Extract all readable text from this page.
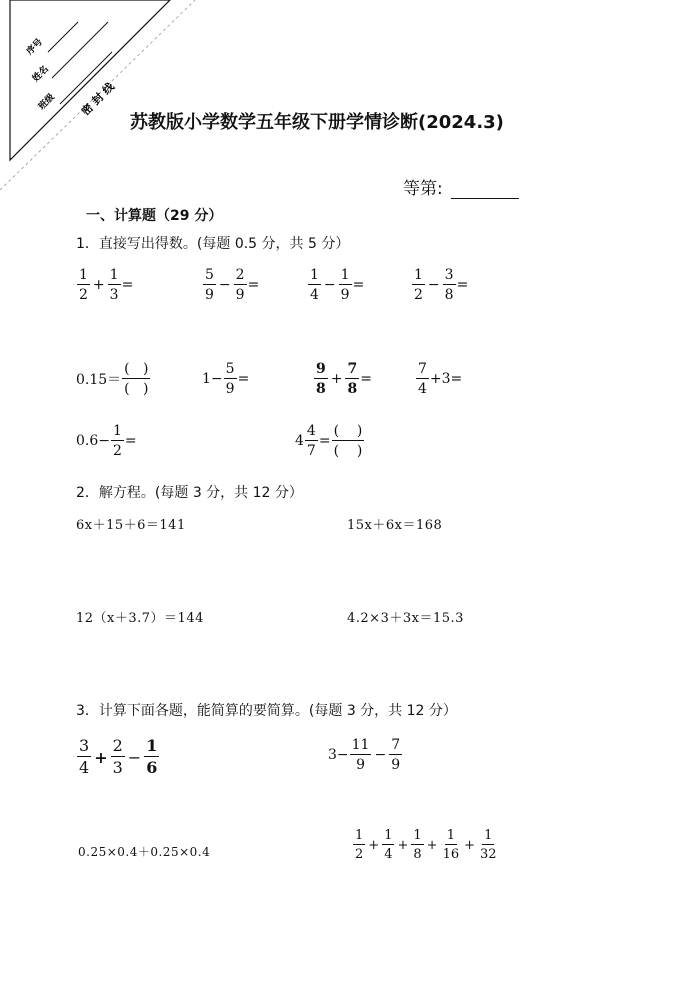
序号
姓名
班级 密 封 线
苏教版小学数学五年级下册学情诊断(2024.3)
等第:
一、计算题（29 分）
1．直接写出得数。(每题 0.5 分，共 5 分）
$\frac{1}{2} + \frac{1}{3}$ =	$\frac{5}{9} - \frac{2}{9}$ =	$\frac{1}{4} - \frac{1}{9}$ =	$\frac{1}{2} - \frac{3}{8}$ =
$0.15= \frac{( )}{( )}$	$1- \frac{5}{9}$ =	$\frac{9}{8} + \frac{7}{8}$ =	$\frac{7}{4} +3=$
$0.6- \frac{1}{2}$ =	$4 \frac{4}{7} = \frac{( )}{( )}$
2．解方程。(每题 3 分，共 12 分）
6x＋15＋6＝141	15x＋6x＝168
12（x＋3.7）＝144	4.2×3＋3x＝15.3
3．计算下面各题，能简算的要简算。(每题 3 分，共 12 分）
$\frac{3}{4} + \frac{2}{3} - \frac{1}{6}$	$3- \frac{11}{9} - \frac{7}{9}$
0.25×0.4＋0.25×0.4	$\frac{1}{2} + \frac{1}{4} + \frac{1}{8} + \frac{1}{16} + \frac{1}{32}$
